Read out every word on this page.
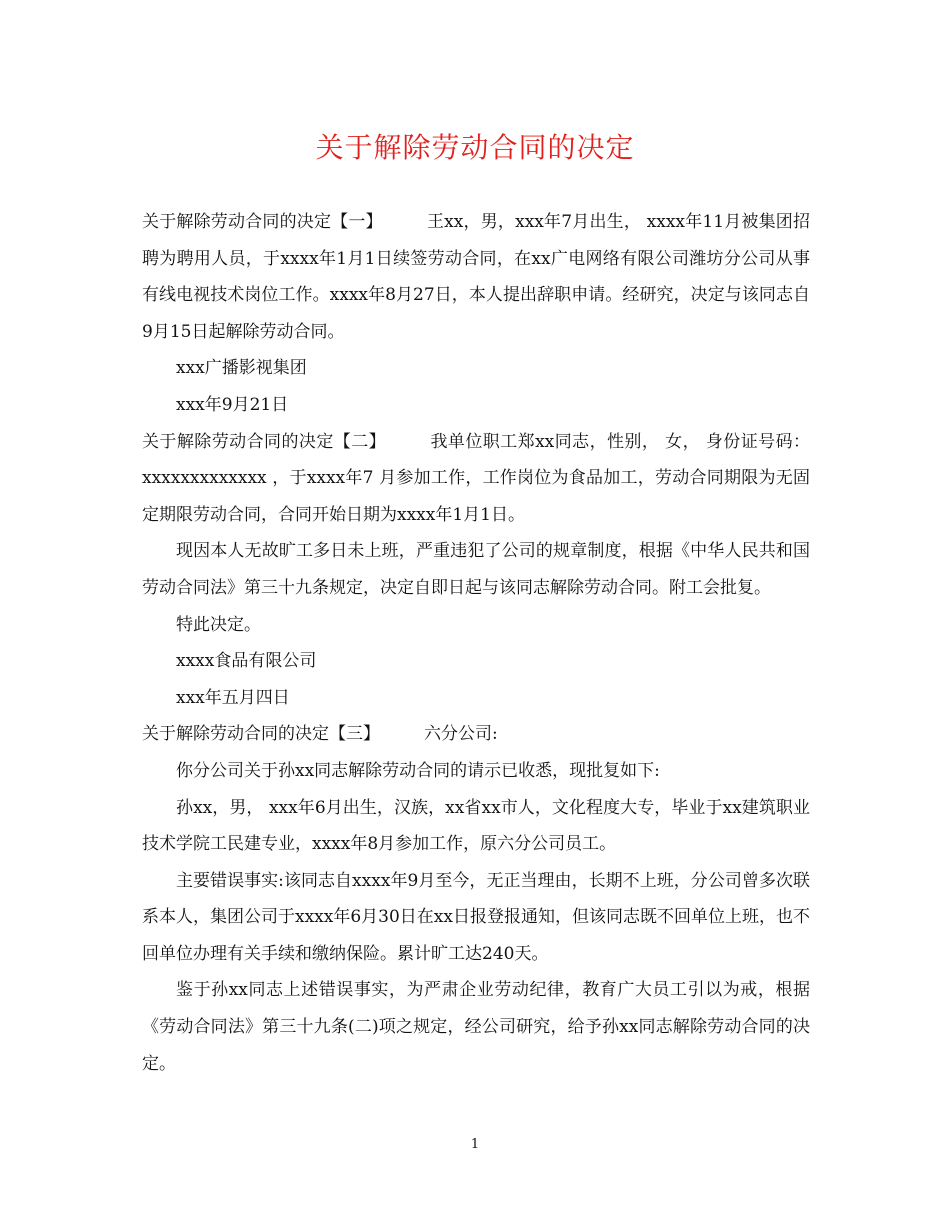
关于解除劳动合同的决定

关于解除劳动合同的决定【一】	王xx，男，xxx年7月出生， xxxx年11月被集团招聘为聘用人员，于xxxx年1月1日续签劳动合同，在xx广电网络有限公司潍坊分公司从事有线电视技术岗位工作。xxxx年8月27日，本人提出辞职申请。经研究，决定与该同志自9月15日起解除劳动合同。

xxx广播影视集团

xxx年9月21日

关于解除劳动合同的决定【二】	我单位职工郑xx同志，性别， 女， 身份证号码：xxxxxxxxxxxxx ，于xxxx年7 月参加工作，工作岗位为食品加工，劳动合同期限为无固定期限劳动合同，合同开始日期为xxxx年1月1日。

现因本人无故旷工多日未上班，严重违犯了公司的规章制度，根据《中华人民共和国劳动合同法》第三十九条规定，决定自即日起与该同志解除劳动合同。附工会批复。

特此决定。

xxxx食品有限公司

xxx年五月四日

关于解除劳动合同的决定【三】	六分公司:

你分公司关于孙xx同志解除劳动合同的请示已收悉，现批复如下:

孙xx，男， xxx年6月出生，汉族，xx省xx市人，文化程度大专，毕业于xx建筑职业技术学院工民建专业，xxxx年8月参加工作，原六分公司员工。

主要错误事实:该同志自xxxx年9月至今，无正当理由，长期不上班，分公司曾多次联系本人，集团公司于xxxx年6月30日在xx日报登报通知，但该同志既不回单位上班，也不回单位办理有关手续和缴纳保险。累计旷工达240天。

鉴于孙xx同志上述错误事实，为严肃企业劳动纪律，教育广大员工引以为戒，根据《劳动合同法》第三十九条(二)项之规定，经公司研究，给予孙xx同志解除劳动合同的决定。

1
